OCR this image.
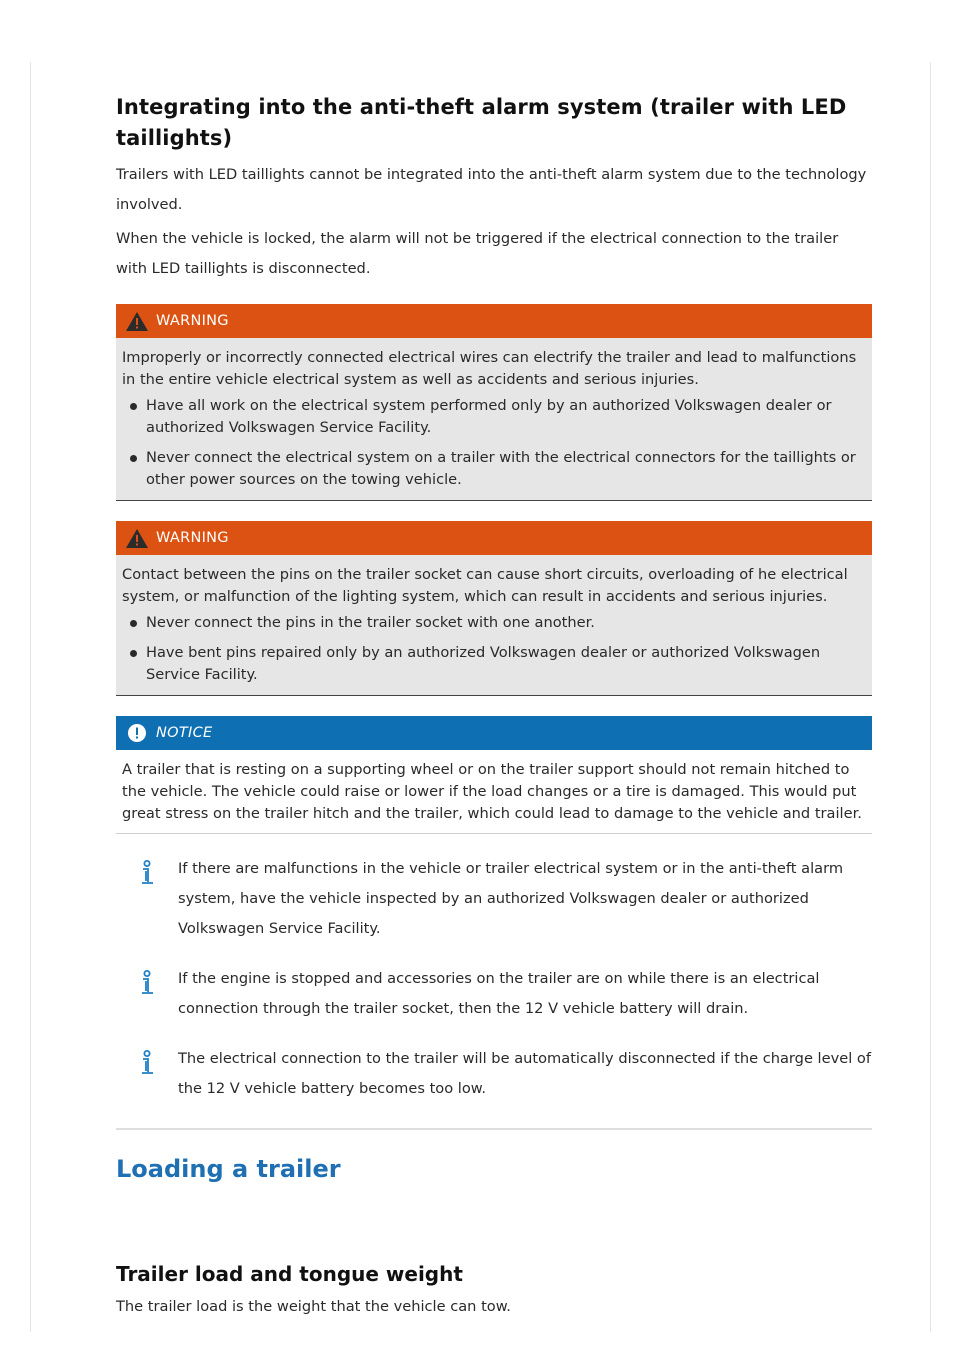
Integrating into the anti-theft alarm system (trailer with LED taillights)

Trailers with LED taillights cannot be integrated into the anti-theft alarm system due to the technology involved.

When the vehicle is locked, the alarm will not be triggered if the electrical connection to the trailer with LED taillights is disconnected.

WARNING

Improperly or incorrectly connected electrical wires can electrify the trailer and lead to malfunctions in the entire vehicle electrical system as well as accidents and serious injuries.

Have all work on the electrical system performed only by an authorized Volkswagen dealer or authorized Volkswagen Service Facility.
Never connect the electrical system on a trailer with the electrical connectors for the taillights or other power sources on the towing vehicle.
WARNING

Contact between the pins on the trailer socket can cause short circuits, overloading of he electrical system, or malfunction of the lighting system, which can result in accidents and serious injuries.

Never connect the pins in the trailer socket with one another.
Have bent pins repaired only by an authorized Volkswagen dealer or authorized Volkswagen Service Facility.
NOTICE

A trailer that is resting on a supporting wheel or on the trailer support should not remain hitched to the vehicle. The vehicle could raise or lower if the load changes or a tire is damaged. This would put great stress on the trailer hitch and the trailer, which could lead to damage to the vehicle and trailer.

If there are malfunctions in the vehicle or trailer electrical system or in the anti-theft alarm system, have the vehicle inspected by an authorized Volkswagen dealer or authorized Volkswagen Service Facility.
If the engine is stopped and accessories on the trailer are on while there is an electrical connection through the trailer socket, then the 12 V vehicle battery will drain.
The electrical connection to the trailer will be automatically disconnected if the charge level of the 12 V vehicle battery becomes too low.
Loading a trailer
Trailer load and tongue weight

The trailer load is the weight that the vehicle can tow.
